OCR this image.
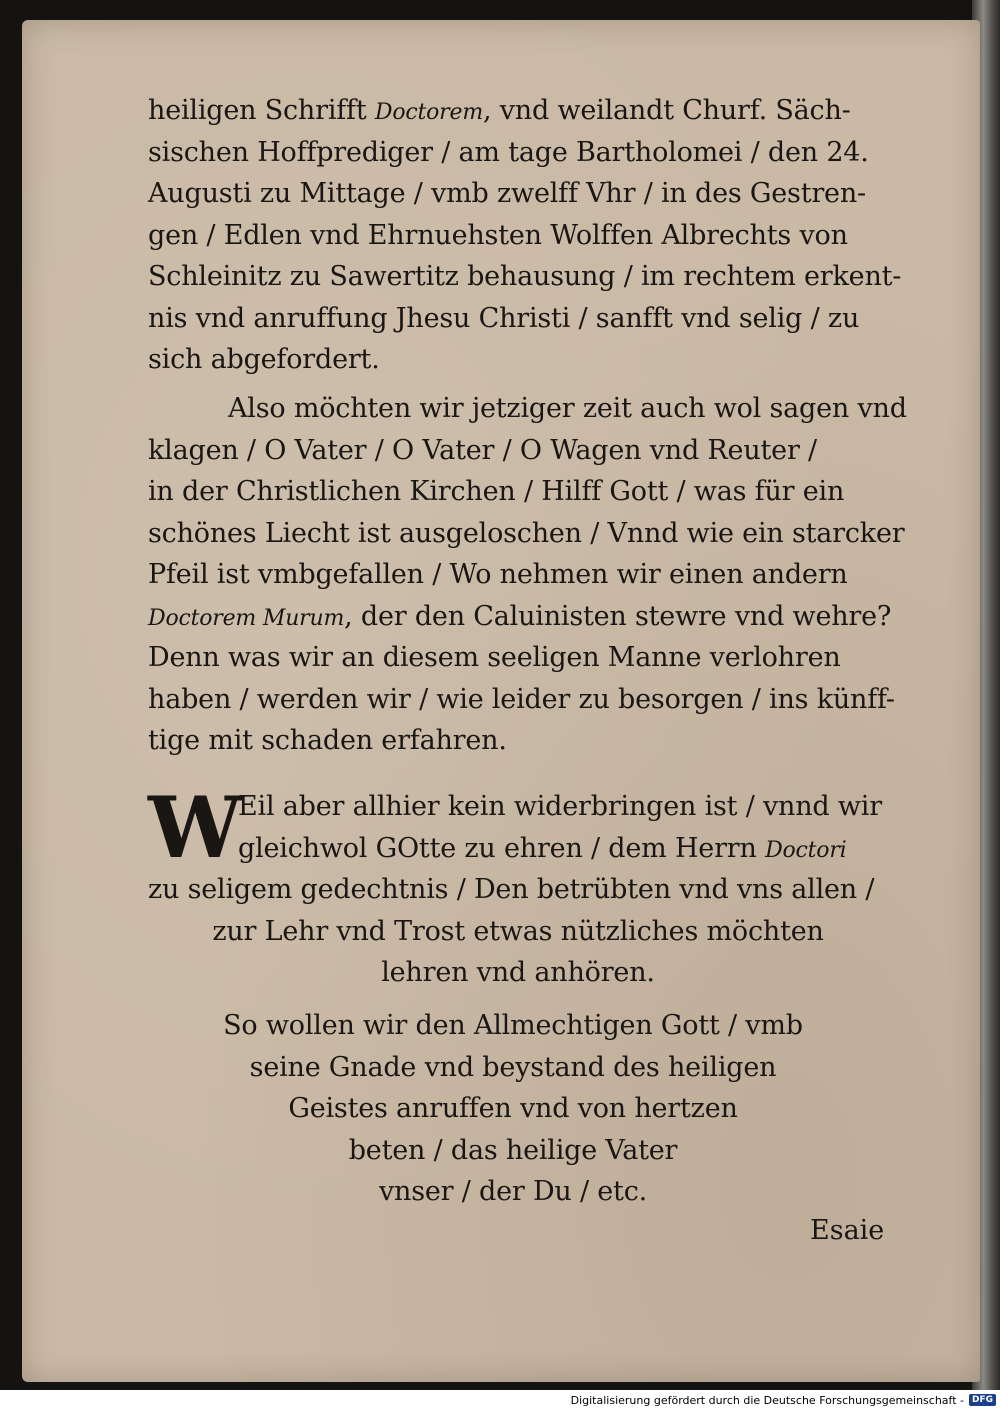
heiligen Schrifft Doctorem, vnd weilandt Churf. Säch-
sischen Hoffprediger / am tage Bartholomei / den 24.
Augusti zu Mittage / vmb zwelff Vhr / in des Gestren-
gen / Edlen vnd Ehrnuehsten Wolffen Albrechts von
Schleinitz zu Sawertitz behausung / im rechtem erkent-
nis vnd anruffung Jhesu Christi / sanfft vnd selig / zu
sich abgefordert.
Also möchten wir jetziger zeit auch wol sagen vnd
klagen / O Vater / O Vater / O Wagen vnd Reuter /
in der Christlichen Kirchen / Hilff Gott / was für ein
schönes Liecht ist ausgeloschen / Vnnd wie ein starcker
Pfeil ist vmbgefallen / Wo nehmen wir einen andern
Doctorem Murum, der den Caluinisten stewre vnd wehre?
Denn was wir an diesem seeligen Manne verlohren
haben / werden wir / wie leider zu besorgen / ins künff-
tige mit schaden erfahren.
W
Eil aber allhier kein widerbringen ist / vnnd wir
gleichwol GOtte zu ehren / dem Herrn Doctori
zu seligem gedechtnis / Den betrübten vnd vns allen /
zur Lehr vnd Trost etwas nützliches möchten
lehren vnd anhören.
So wollen wir den Allmechtigen Gott / vmb
seine Gnade vnd beystand des heiligen
Geistes anruffen vnd von hertzen
beten / das heilige Vater
vnser / der Du / etc.
Esaie
Digitalisierung gefördert durch die Deutsche Forschungsgemeinschaft - DFG
